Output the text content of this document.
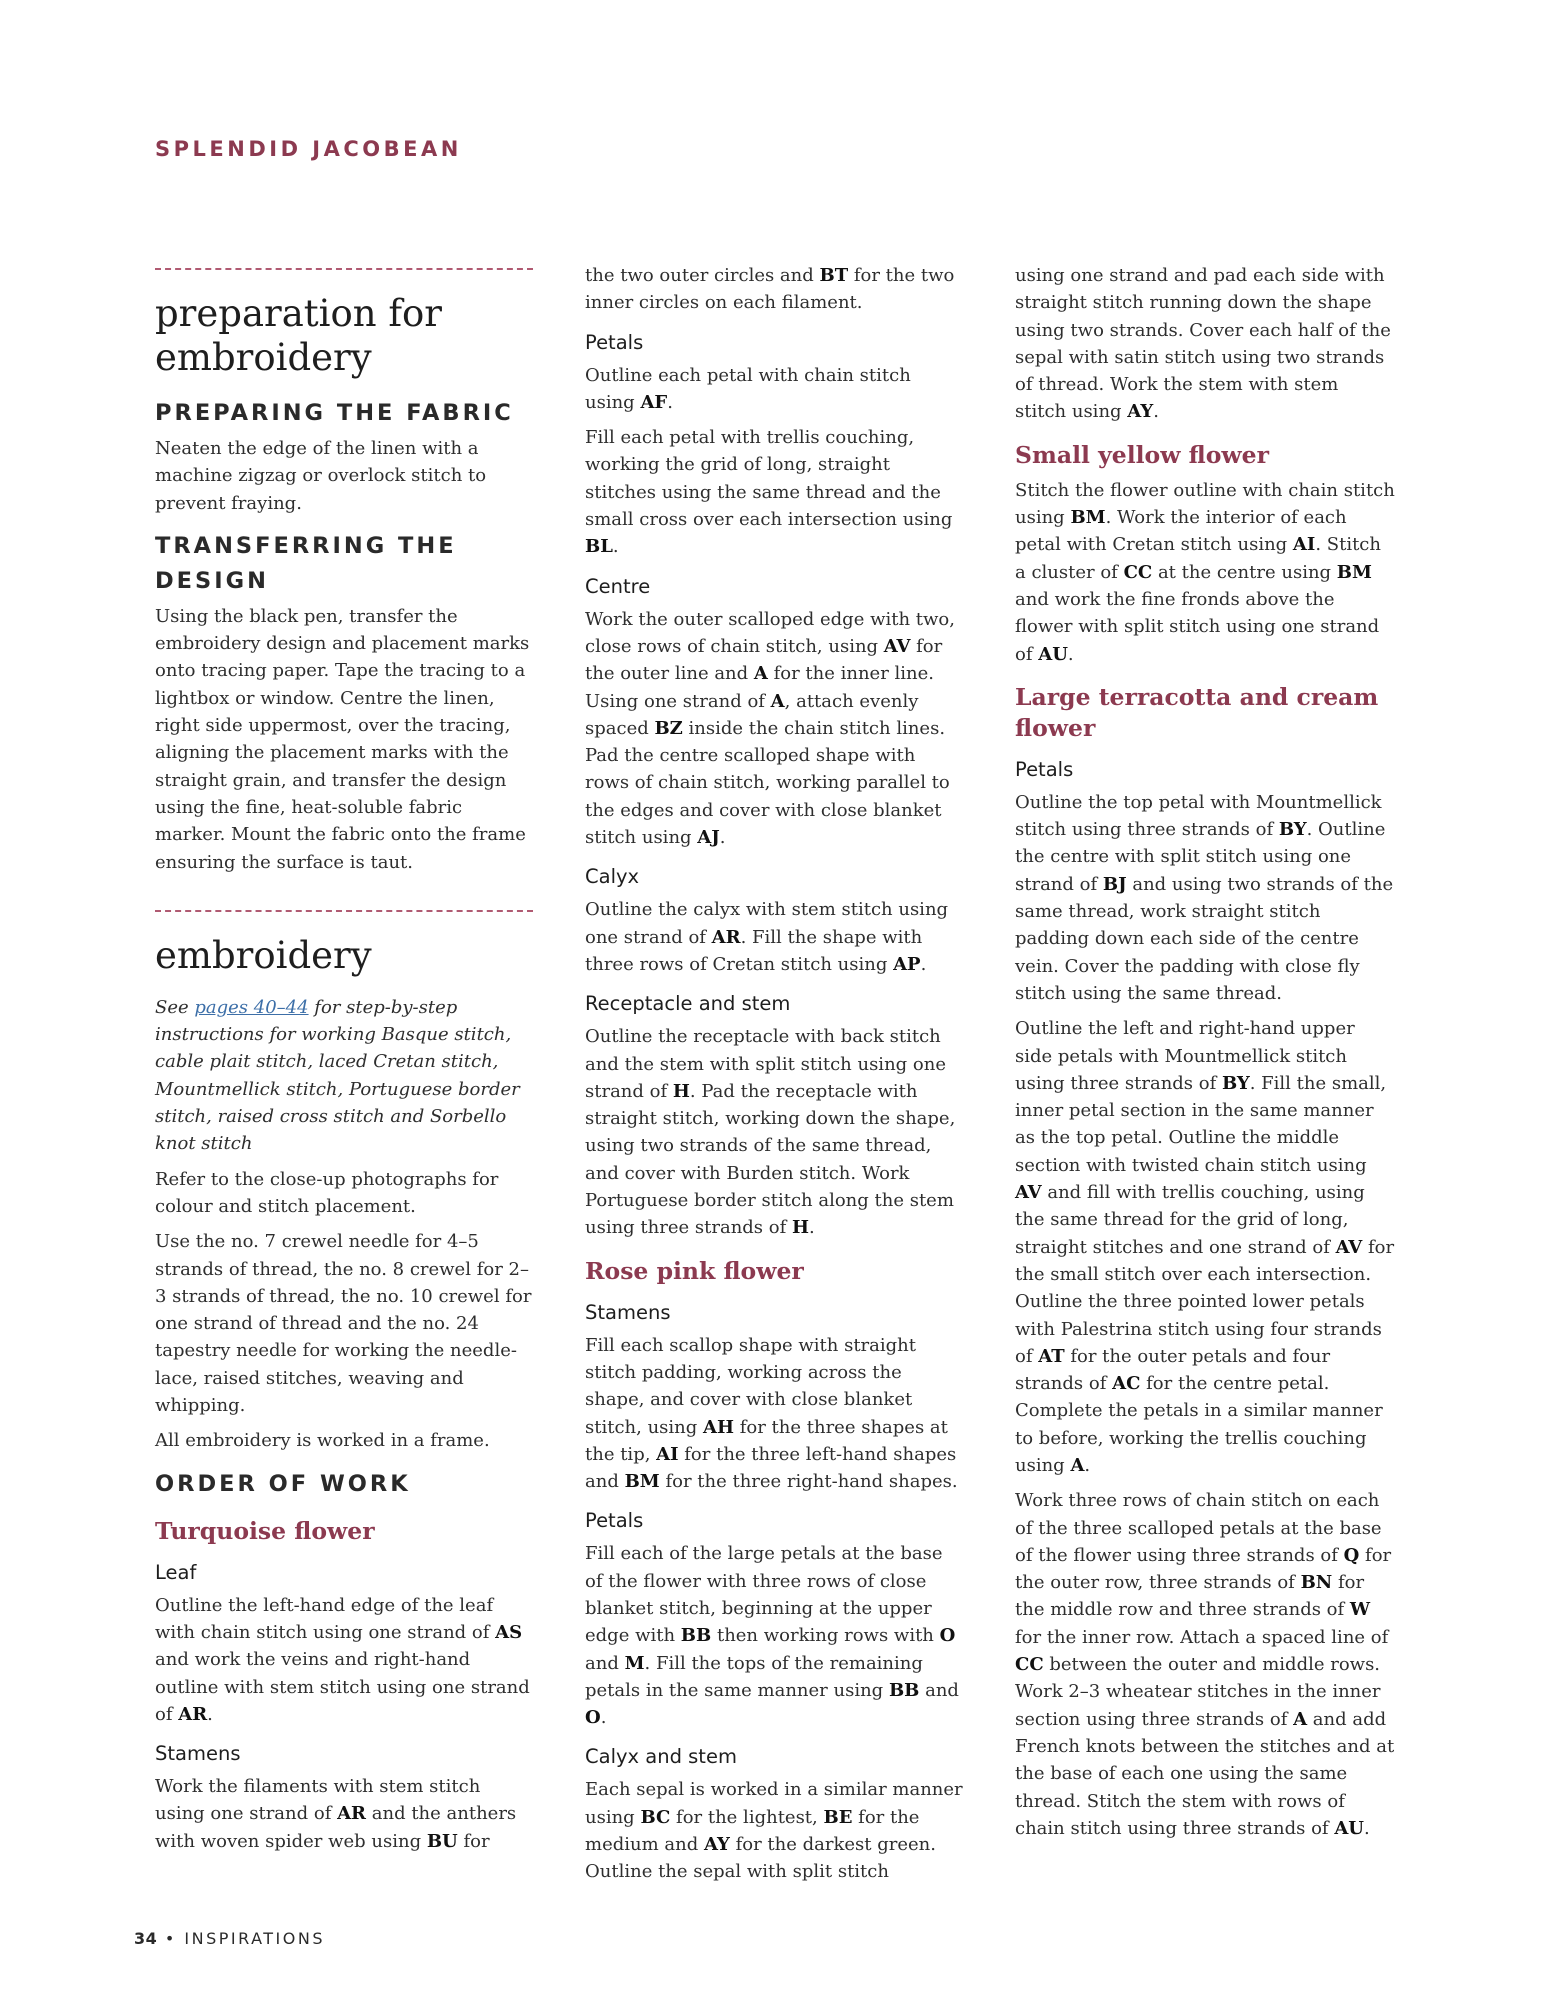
SPLENDID JACOBEAN
preparation for embroidery
PREPARING THE FABRIC

Neaten the edge of the linen with a machine zigzag or overlock stitch to prevent fraying.

TRANSFERRING THE DESIGN

Using the black pen, transfer the embroidery design and placement marks onto tracing paper. Tape the tracing to a lightbox or window. Centre the linen, right side uppermost, over the tracing, aligning the placement marks with the straight grain, and transfer the design using the fine, heat-soluble fabric marker. Mount the fabric onto the frame ensuring the surface is taut.

embroidery

See pages 40–44 for step-by-step instructions for working Basque stitch, cable plait stitch, laced Cretan stitch, Mountmellick stitch, Portuguese border stitch, raised cross stitch and Sorbello knot stitch

Refer to the close-up photographs for colour and stitch placement.

Use the no. 7 crewel needle for 4–5 strands of thread, the no. 8 crewel for 2–3 strands of thread, the no. 10 crewel for one strand of thread and the no. 24 tapestry needle for working the needle-lace, raised stitches, weaving and whipping.

All embroidery is worked in a frame.

ORDER OF WORK
Turquoise flower
Leaf

Outline the left-hand edge of the leaf with chain stitch using one strand of AS and work the veins and right-hand outline with stem stitch using one strand of AR.

Stamens

Work the filaments with stem stitch using one strand of AR and the anthers with woven spider web using BU for

the two outer circles and BT for the two inner circles on each filament.

Petals

Outline each petal with chain stitch using AF.

Fill each petal with trellis couching, working the grid of long, straight stitches using the same thread and the small cross over each intersection using BL.

Centre

Work the outer scalloped edge with two, close rows of chain stitch, using AV for the outer line and A for the inner line. Using one strand of A, attach evenly spaced BZ inside the chain stitch lines. Pad the centre scalloped shape with rows of chain stitch, working parallel to the edges and cover with close blanket stitch using AJ.

Calyx

Outline the calyx with stem stitch using one strand of AR. Fill the shape with three rows of Cretan stitch using AP.

Receptacle and stem

Outline the receptacle with back stitch and the stem with split stitch using one strand of H. Pad the receptacle with straight stitch, working down the shape, using two strands of the same thread, and cover with Burden stitch. Work Portuguese border stitch along the stem using three strands of H.

Rose pink flower
Stamens

Fill each scallop shape with straight stitch padding, working across the shape, and cover with close blanket stitch, using AH for the three shapes at the tip, AI for the three left-hand shapes and BM for the three right-hand shapes.

Petals

Fill each of the large petals at the base of the flower with three rows of close blanket stitch, beginning at the upper edge with BB then working rows with O and M. Fill the tops of the remaining petals in the same manner using BB and O.

Calyx and stem

Each sepal is worked in a similar manner using BC for the lightest, BE for the medium and AY for the darkest green. Outline the sepal with split stitch

using one strand and pad each side with straight stitch running down the shape using two strands. Cover each half of the sepal with satin stitch using two strands of thread. Work the stem with stem stitch using AY.

Small yellow flower

Stitch the flower outline with chain stitch using BM. Work the interior of each petal with Cretan stitch using AI. Stitch a cluster of CC at the centre using BM and work the fine fronds above the flower with split stitch using one strand of AU.

Large terracotta and cream flower
Petals

Outline the top petal with Mountmellick stitch using three strands of BY. Outline the centre with split stitch using one strand of BJ and using two strands of the same thread, work straight stitch padding down each side of the centre vein. Cover the padding with close fly stitch using the same thread.

Outline the left and right-hand upper side petals with Mountmellick stitch using three strands of BY. Fill the small, inner petal section in the same manner as the top petal. Outline the middle section with twisted chain stitch using AV and fill with trellis couching, using the same thread for the grid of long, straight stitches and one strand of AV for the small stitch over each intersection. Outline the three pointed lower petals with Palestrina stitch using four strands of AT for the outer petals and four strands of AC for the centre petal. Complete the petals in a similar manner to before, working the trellis couching using A.

Work three rows of chain stitch on each of the three scalloped petals at the base of the flower using three strands of Q for the outer row, three strands of BN for the middle row and three strands of W for the inner row. Attach a spaced line of CC between the outer and middle rows. Work 2–3 wheatear stitches in the inner section using three strands of A and add French knots between the stitches and at the base of each one using the same thread. Stitch the stem with rows of chain stitch using three strands of AU.

34 • INSPIRATIONS
